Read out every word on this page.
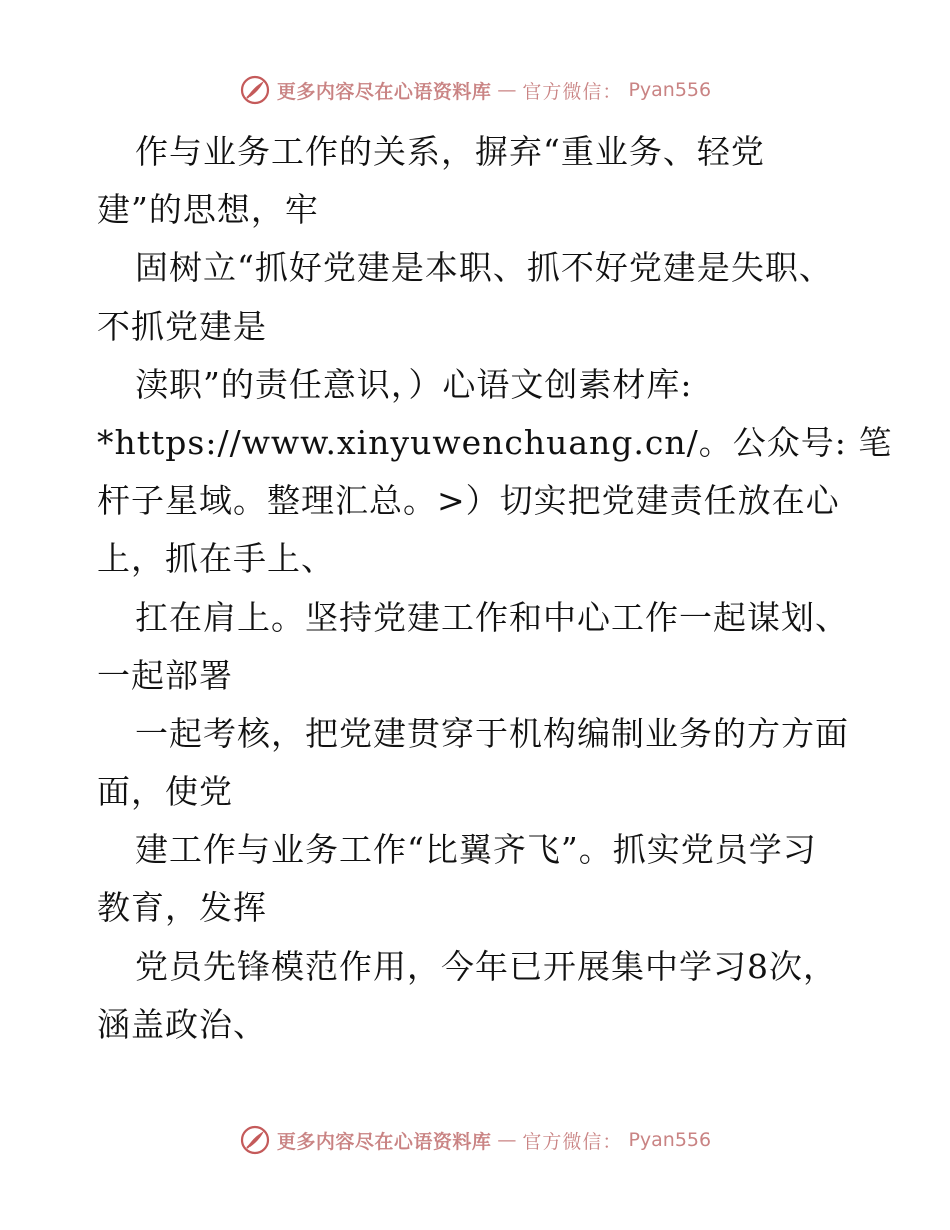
更多内容尽在心语资料库 — 官方微信： Pyan556
作与业务工作的关系，摒弃“重业务、轻党
建”的思想，牢
固树立“抓好党建是本职、抓不好党建是失职、
不抓党建是
渎职”的责任意识，）心语文创素材库:
*https://www.xinyuwenchuang.cn/。公众号: 笔
杆子星域。整理汇总。>）切实把党建责任放在心
上，抓在手上、
扛在肩上。坚持党建工作和中心工作一起谋划、
一起部署
一起考核，把党建贯穿于机构编制业务的方方面
面，使党
建工作与业务工作“比翼齐飞”。抓实党员学习
教育，发挥
党员先锋模范作用，今年已开展集中学习8次，
涵盖政治、
更多内容尽在心语资料库 — 官方微信： Pyan556
